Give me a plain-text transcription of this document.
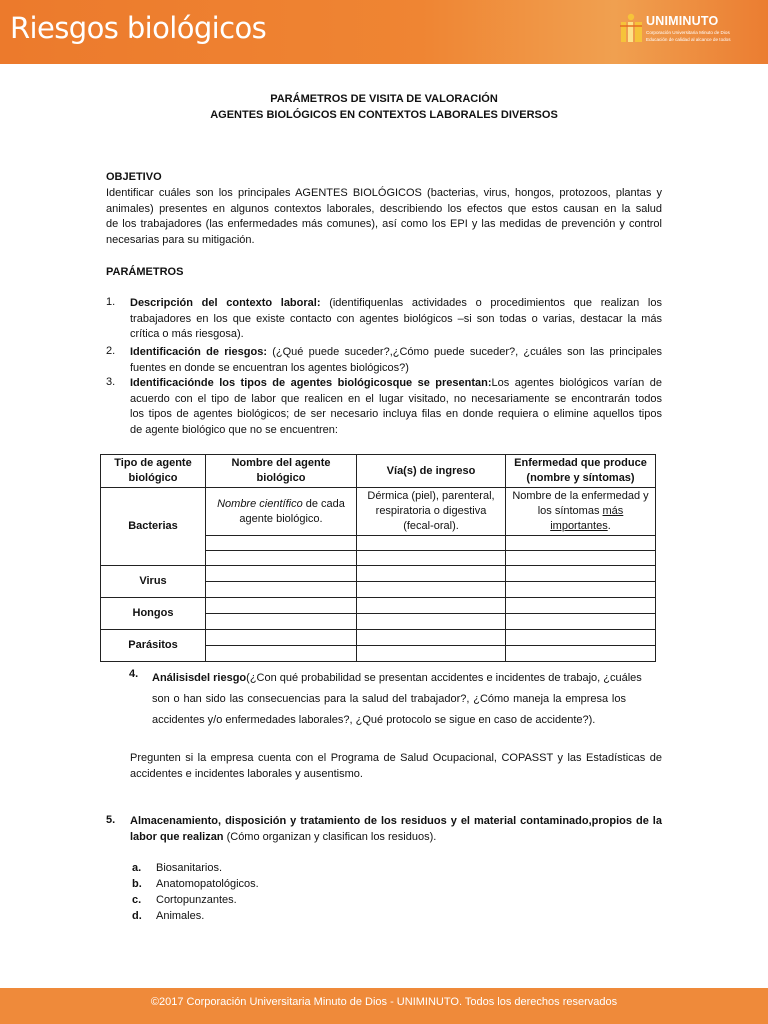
Riesgos biológicos	UNIMINUTO
Corporación Universitaria Minuto de Dios
Educación de calidad al alcance de todos
PARÁMETROS DE VISITA DE VALORACIÓN
AGENTES BIOLÓGICOS EN CONTEXTOS LABORALES DIVERSOS
OBJETIVO
Identificar cuáles son los principales AGENTES BIOLÓGICOS (bacterias, virus, hongos, protozoos, plantas y
animales) presentes en algunos contextos laborales, describiendo los efectos que estos causan en la salud
de los trabajadores (las enfermedades más comunes), así como los EPI y las medidas de prevención y control
necesarias para su mitigación.
PARÁMETROS
1. Descripción del contexto laboral: (identifiquenlas actividades o procedimientos que realizan los
trabajadores en los que existe contacto con agentes biológicos –si son todas o varias, destacar la más
crítica o más riesgosa).
2. Identificación de riesgos: (¿Qué puede suceder?,¿Cómo puede suceder?, ¿cuáles son las principales
fuentes en donde se encuentran los agentes biológicos?)
3. Identificaciónde los tipos de agentes biológicosque se presentan:Los agentes biológicos varían de
acuerdo con el tipo de labor que realicen en el lugar visitado, no necesariamente se encontrarán todos
los tipos de agentes biológicos; de ser necesario incluya filas en donde requiera o elimine aquellos tipos
de agente biológico que no se encuentren:
Tipo de agente biológico	Nombre del agente biológico	Vía(s) de ingreso	Enfermedad que produce (nombre y síntomas)
Bacterias	Nombre científico de cada agente biológico.	Dérmica (piel), parenteral, respiratoria o digestiva (fecal-oral).	Nombre de la enfermedad y los síntomas más importantes.

Virus			

Hongos			

Parásitos			

4. Análisisdel riesgo(¿Con qué probabilidad se presentan accidentes e incidentes de trabajo, ¿cuáles
son o han sido las consecuencias para la salud del trabajador?, ¿Cómo maneja la empresa los
accidentes y/o enfermedades laborales?, ¿Qué protocolo se sigue en caso de accidente?).
Pregunten si la empresa cuenta con el Programa de Salud Ocupacional, COPASST y las Estadísticas de
accidentes e incidentes laborales y ausentismo.
5. Almacenamiento, disposición y tratamiento de los residuos y el material contaminado,propios de la
labor que realizan (Cómo organizan y clasifican los residuos).
a. Biosanitarios.
b. Anatomopatológicos.
c. Cortopunzantes.
d. Animales.
©2017 Corporación Universitaria Minuto de Dios - UNIMINUTO. Todos los derechos reservados
